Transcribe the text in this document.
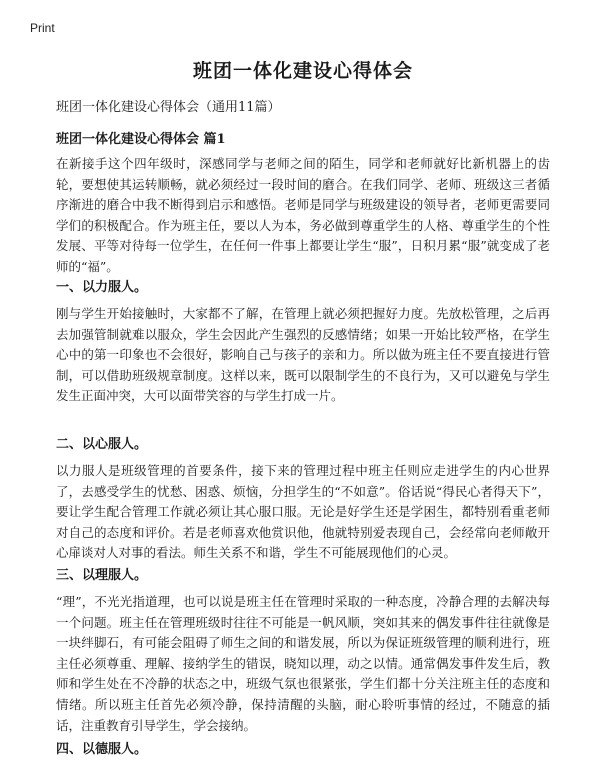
Print
班团一体化建设心得体会

班团一体化建设心得体会（通用11篇）

班团一体化建设心得体会 篇1

在新接手这个四年级时，深感同学与老师之间的陌生，同学和老师就好比新机器上的齿轮，要想使其运转顺畅，就必须经过一段时间的磨合。在我们同学、老师、班级这三者循序渐进的磨合中我不断得到启示和感悟。老师是同学与班级建设的领导者，老师更需要同学们的积极配合。作为班主任，要以人为本，务必做到尊重学生的人格、尊重学生的个性发展、平等对待每一位学生，在任何一件事上都要让学生“服”，日积月累“服”就变成了老师的“福”。

一、以力服人。

刚与学生开始接触时，大家都不了解，在管理上就必须把握好力度。先放松管理，之后再去加强管制就难以服众，学生会因此产生强烈的反感情绪；如果一开始比较严格，在学生心中的第一印象也不会很好，影响自己与孩子的亲和力。所以做为班主任不要直接进行管制，可以借助班级规章制度。这样以来，既可以限制学生的不良行为，又可以避免与学生发生正面冲突，大可以面带笑容的与学生打成一片。

二、以心服人。

以力服人是班级管理的首要条件，接下来的管理过程中班主任则应走进学生的内心世界了，去感受学生的忧愁、困惑、烦恼，分担学生的“不如意”。俗话说“得民心者得天下”，要让学生配合管理工作就必须让其心服口服。无论是好学生还是学困生，都特别看重老师对自己的态度和评价。若是老师喜欢他赏识他，他就特别爱表现自己，会经常向老师敞开心扉谈对人对事的看法。师生关系不和谐，学生不可能展现他们的心灵。

三、以理服人。

“理”，不光光指道理，也可以说是班主任在管理时采取的一种态度，冷静合理的去解决每一个问题。班主任在管理班级时往往不可能是一帆风顺，突如其来的偶发事件往往就像是一块绊脚石，有可能会阻碍了师生之间的和谐发展，所以为保证班级管理的顺利进行，班主任必须尊重、理解、接纳学生的错误，晓知以理，动之以情。通常偶发事件发生后，教师和学生处在不冷静的状态之中，班级气氛也很紧张，学生们都十分关注班主任的态度和情绪。所以班主任首先必须冷静，保持清醒的头脑，耐心聆听事情的经过，不随意的插话，注重教育引导学生，学会接纳。

四、以德服人。
